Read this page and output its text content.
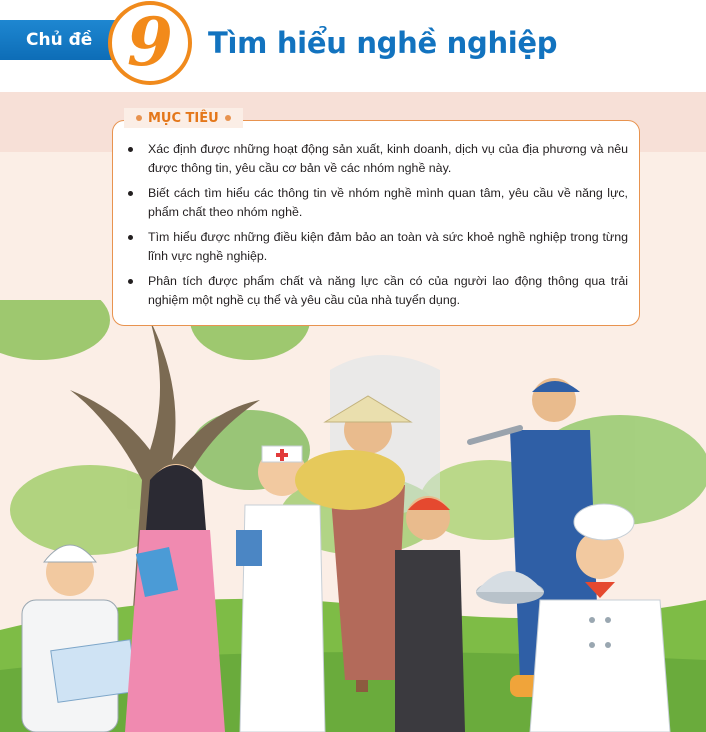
Chủ đề 9	Tìm hiểu nghề nghiệp
MỤC TIÊU
Xác định được những hoạt động sản xuất, kinh doanh, dịch vụ của địa phương và nêu được thông tin, yêu cầu cơ bản về các nhóm nghề này.
Biết cách tìm hiểu các thông tin về nhóm nghề mình quan tâm, yêu cầu về năng lực, phẩm chất theo nhóm nghề.
Tìm hiểu được những điều kiện đảm bảo an toàn và sức khoẻ nghề nghiệp trong từng lĩnh vực nghề nghiệp.
Phân tích được phẩm chất và năng lực cần có của người lao động thông qua trải nghiệm một nghề cụ thể và yêu cầu của nhà tuyển dụng.
